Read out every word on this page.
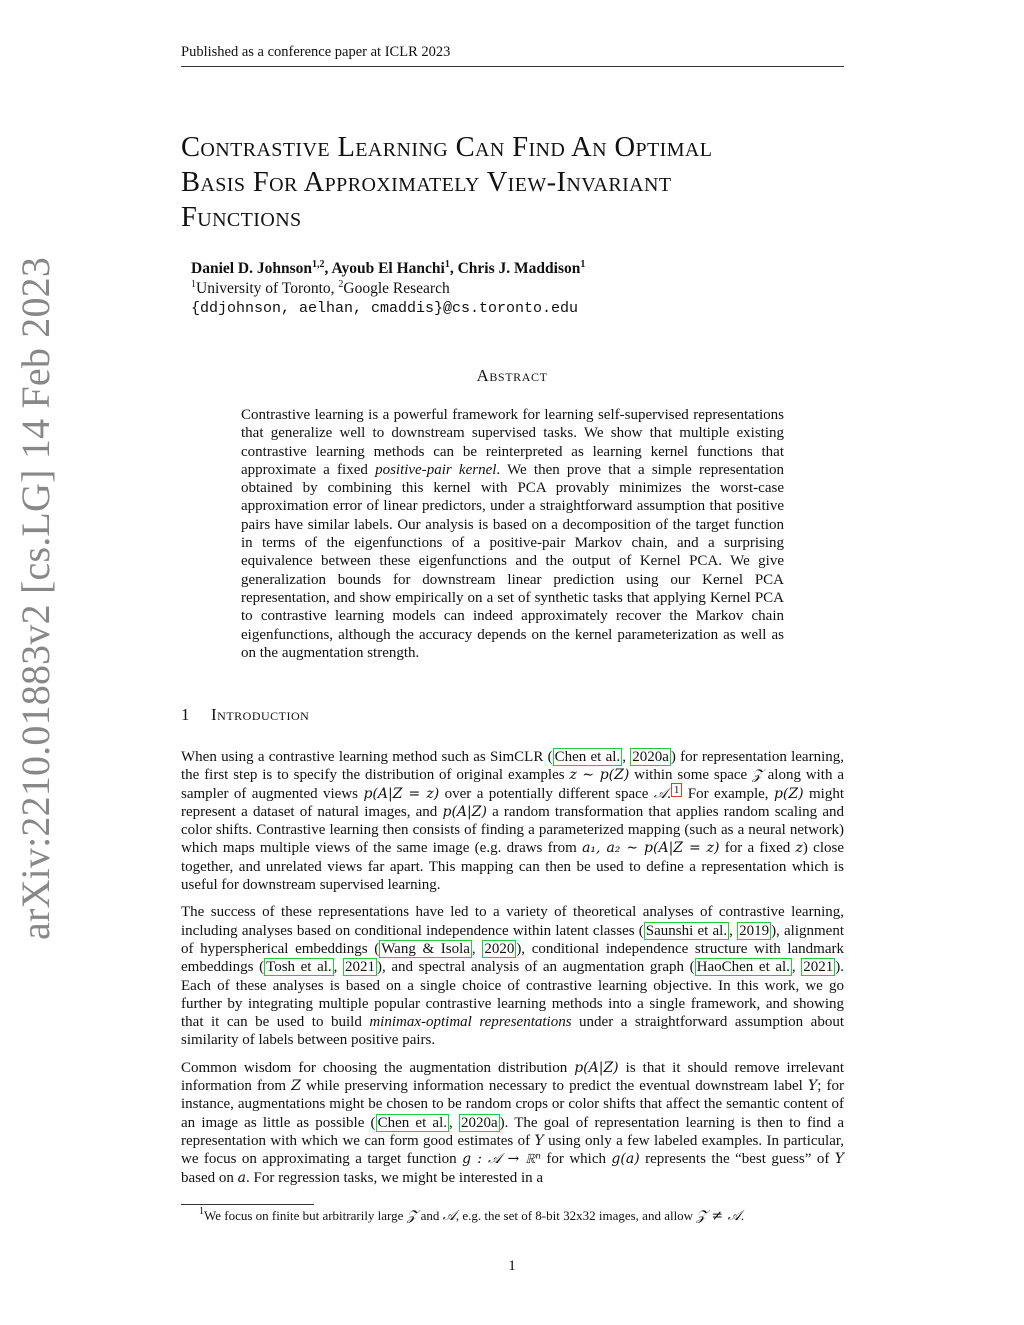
Published as a conference paper at ICLR 2023
arXiv:2210.01883v2 [cs.LG] 14 Feb 2023
Contrastive Learning Can Find An Optimal
Basis For Approximately View-Invariant
Functions
Daniel D. Johnson$^{1,2}$, Ayoub El Hanchi$^1$, Chris J. Maddison$^1$
$^1$University of Toronto, $^2$Google Research
{ddjohnson, aelhan, cmaddis}@cs.toronto.edu
Abstract
Contrastive learning is a powerful framework for learning self-supervised representations that generalize well to downstream supervised tasks. We show that multiple existing contrastive learning methods can be reinterpreted as learning kernel functions that approximate a fixed positive-pair kernel. We then prove that a simple representation obtained by combining this kernel with PCA provably minimizes the worst-case approximation error of linear predictors, under a straightforward assumption that positive pairs have similar labels. Our analysis is based on a decomposition of the target function in terms of the eigenfunctions of a positive-pair Markov chain, and a surprising equivalence between these eigenfunctions and the output of Kernel PCA. We give generalization bounds for downstream linear prediction using our Kernel PCA representation, and show empirically on a set of synthetic tasks that applying Kernel PCA to contrastive learning models can indeed approximately recover the Markov chain eigenfunctions, although the accuracy depends on the kernel parameterization as well as on the augmentation strength.
1 Introduction

When using a contrastive learning method such as SimCLR ( Chen et al. , 2020a ) for representation learning, the first step is to specify the distribution of original examples z ∼ p(Z) within some space 𝒵 along with a sampler of augmented views p(A|Z = z) over a potentially different space 𝒜. $^1$ For example, p(Z) might represent a dataset of natural images, and p(A|Z) a random transformation that applies random scaling and color shifts. Contrastive learning then consists of finding a parameterized mapping (such as a neural network) which maps multiple views of the same image (e.g. draws from a₁, a₂ ∼ p(A|Z = z) for a fixed z) close together, and unrelated views far apart. This mapping can then be used to define a representation which is useful for downstream supervised learning.

The success of these representations have led to a variety of theoretical analyses of contrastive learning, including analyses based on conditional independence within latent classes ( Saunshi et al. , 2019 ), alignment of hyperspherical embeddings ( Wang & Isola , 2020 ), conditional independence structure with landmark embeddings ( Tosh et al. , 2021 ), and spectral analysis of an augmentation graph ( HaoChen et al. , 2021 ). Each of these analyses is based on a single choice of contrastive learning objective. In this work, we go further by integrating multiple popular contrastive learning methods into a single framework, and showing that it can be used to build minimax-optimal representations under a straightforward assumption about similarity of labels between positive pairs.

Common wisdom for choosing the augmentation distribution p(A|Z) is that it should remove irrelevant information from Z while preserving information necessary to predict the eventual downstream label Y; for instance, augmentations might be chosen to be random crops or color shifts that affect the semantic content of an image as little as possible ( Chen et al. , 2020a ). The goal of representation learning is then to find a representation with which we can form good estimates of Y using only a few labeled examples. In particular, we focus on approximating a target function g : 𝒜 → ℝⁿ for which g(a) represents the “best guess” of Y based on a. For regression tasks, we might be interested in a

$^1$We focus on finite but arbitrarily large 𝒵 and 𝒜, e.g. the set of 8-bit 32x32 images, and allow 𝒵 ≠ 𝒜.
1
